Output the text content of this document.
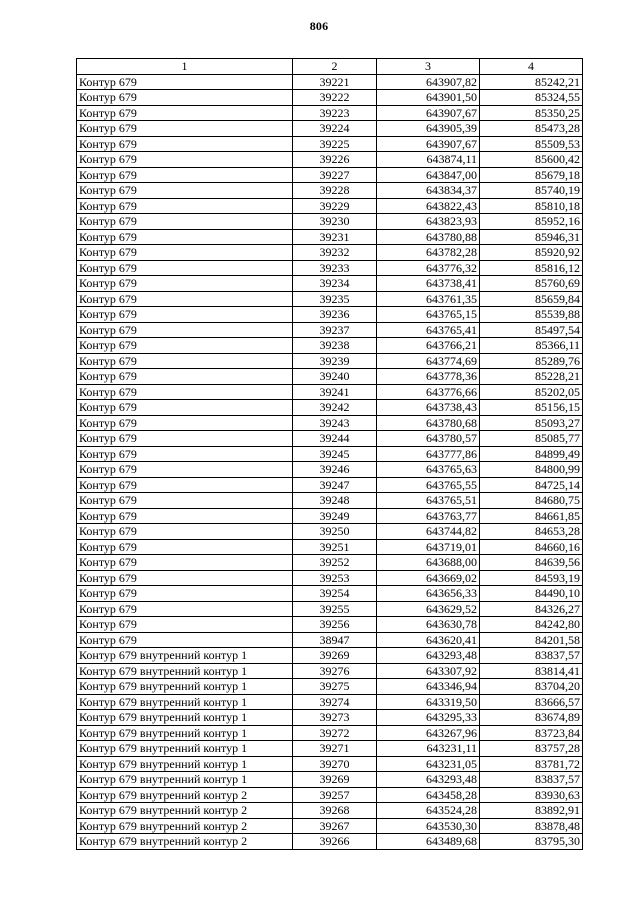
806
1	2	3	4
Контур 679	39221	643907,82	85242,21
Контур 679	39222	643901,50	85324,55
Контур 679	39223	643907,67	85350,25
Контур 679	39224	643905,39	85473,28
Контур 679	39225	643907,67	85509,53
Контур 679	39226	643874,11	85600,42
Контур 679	39227	643847,00	85679,18
Контур 679	39228	643834,37	85740,19
Контур 679	39229	643822,43	85810,18
Контур 679	39230	643823,93	85952,16
Контур 679	39231	643780,88	85946,31
Контур 679	39232	643782,28	85920,92
Контур 679	39233	643776,32	85816,12
Контур 679	39234	643738,41	85760,69
Контур 679	39235	643761,35	85659,84
Контур 679	39236	643765,15	85539,88
Контур 679	39237	643765,41	85497,54
Контур 679	39238	643766,21	85366,11
Контур 679	39239	643774,69	85289,76
Контур 679	39240	643778,36	85228,21
Контур 679	39241	643776,66	85202,05
Контур 679	39242	643738,43	85156,15
Контур 679	39243	643780,68	85093,27
Контур 679	39244	643780,57	85085,77
Контур 679	39245	643777,86	84899,49
Контур 679	39246	643765,63	84800,99
Контур 679	39247	643765,55	84725,14
Контур 679	39248	643765,51	84680,75
Контур 679	39249	643763,77	84661,85
Контур 679	39250	643744,82	84653,28
Контур 679	39251	643719,01	84660,16
Контур 679	39252	643688,00	84639,56
Контур 679	39253	643669,02	84593,19
Контур 679	39254	643656,33	84490,10
Контур 679	39255	643629,52	84326,27
Контур 679	39256	643630,78	84242,80
Контур 679	38947	643620,41	84201,58
Контур 679 внутренний контур 1	39269	643293,48	83837,57
Контур 679 внутренний контур 1	39276	643307,92	83814,41
Контур 679 внутренний контур 1	39275	643346,94	83704,20
Контур 679 внутренний контур 1	39274	643319,50	83666,57
Контур 679 внутренний контур 1	39273	643295,33	83674,89
Контур 679 внутренний контур 1	39272	643267,96	83723,84
Контур 679 внутренний контур 1	39271	643231,11	83757,28
Контур 679 внутренний контур 1	39270	643231,05	83781,72
Контур 679 внутренний контур 1	39269	643293,48	83837,57
Контур 679 внутренний контур 2	39257	643458,28	83930,63
Контур 679 внутренний контур 2	39268	643524,28	83892,91
Контур 679 внутренний контур 2	39267	643530,30	83878,48
Контур 679 внутренний контур 2	39266	643489,68	83795,30
